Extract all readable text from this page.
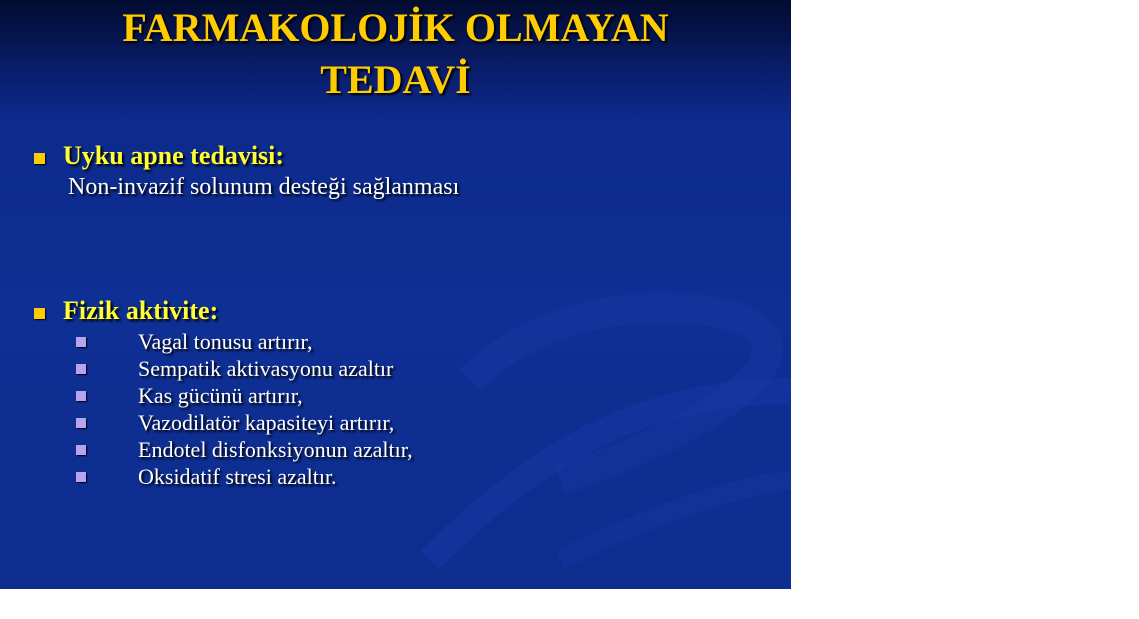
FARMAKOLOJİK OLMAYAN
TEDAVİ
Uyku apne tedavisi:
Non-invazif solunum desteği sağlanması
Fizik aktivite:
Vagal tonusu artırır,
Sempatik aktivasyonu azaltır
Kas gücünü artırır,
Vazodilatör kapasiteyi artırır,
Endotel disfonksiyonun azaltır,
Oksidatif stresi azaltır.
